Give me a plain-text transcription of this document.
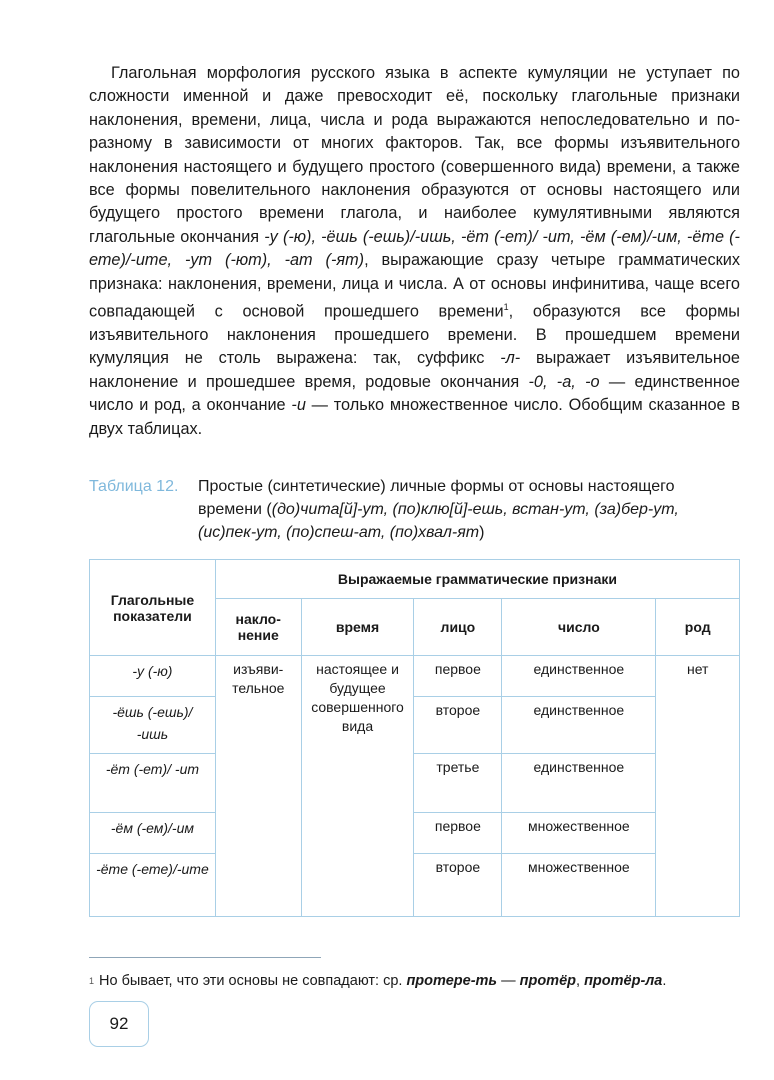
Глагольная морфология русского языка в аспекте кумуляции не уступает по сложности именной и даже превосходит её, поскольку глагольные признаки наклонения, времени, лица, числа и рода выражаются непоследовательно и по-разному в зависимости от многих факторов. Так, все формы изъявительного наклонения настоящего и будущего простого (совершенного вида) времени, а также все формы повелительного наклонения образуются от основы настоящего или будущего простого времени глагола, и наиболее кумулятивными являются глагольные окончания -у (-ю), -ёшь (-ешь)/-ишь, -ёт (-ет)/ -ит, -ём (-ем)/-им, -ёте (-ете)/-ите, -ут (-ют), -ат (-ят), выражающие сразу четыре грамматических признака: наклонения, времени, лица и числа. А от основы инфинитива, чаще всего совпадающей с основой прошедшего времени$^1$, образуются все формы изъявительного наклонения прошедшего времени. В прошедшем времени кумуляция не столь выражена: так, суффикс -л- выражает изъявительное наклонение и прошедшее время, родовые окончания -0, -а, -о — единственное число и род, а окончание -и — только множественное число. Обобщим сказанное в двух таблицах.

Таблица 12. Простые (синтетические) личные формы от основы настоящего времени ((до)чита[й]-ут, (по)клю[й]-ешь, встан-ут, (за)бер-ут, (ис)пек-ут, (по)спеш-ат, (по)хвал-ят)
Глагольные показатели	Выражаемые грамматические признаки				
	наклонение	время	лицо	число	род
-у (-ю)	изъявительное	настоящее и будущее совершенного вида	первое	единственное	нет
-ёшь (-ешь)/ -ишь			второе	единственное	
-ёт (-ет)/ -ит			третье	единственное	
-ём (-ем)/-им			первое	множественное	
-ёте (-ете)/-ите			второе	множественное	
$^1$ Но бывает, что эти основы не совпадают: ср. протере-ть — протёр, протёр-ла.
92
